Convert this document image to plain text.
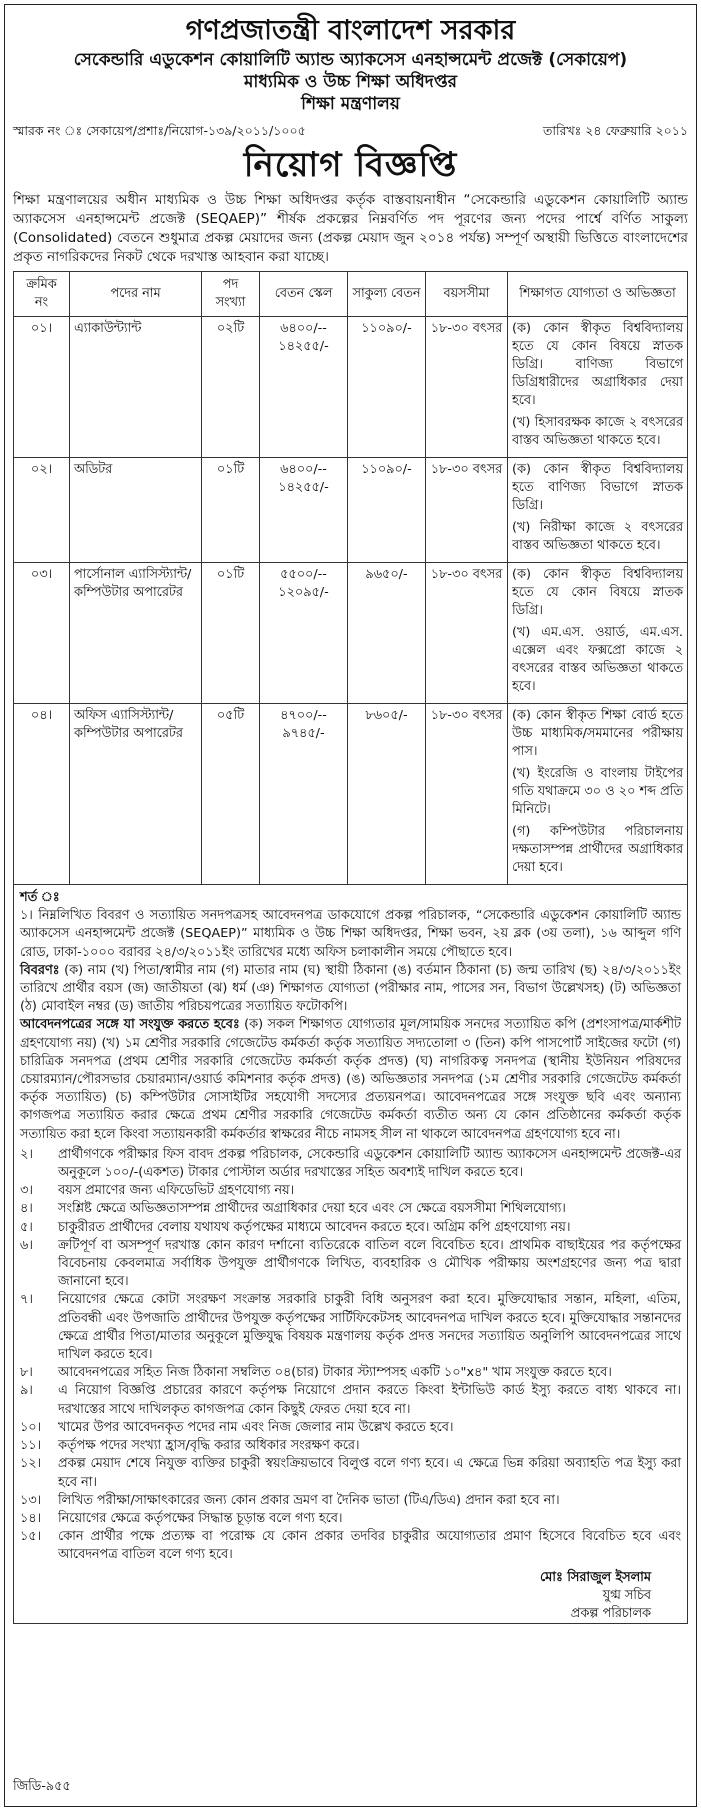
গণপ্রজাতন্ত্রী বাংলাদেশ সরকার
সেকেন্ডারি এডুকেশন কোয়ালিটি অ্যান্ড অ্যাকসেস এনহান্সমেন্ট প্রজেক্ট (সেকায়েপ)
মাধ্যমিক ও উচ্চ শিক্ষা অধিদপ্তর
শিক্ষা মন্ত্রণালয়
স্মারক নং ঃ সেকায়েপ/প্রশাঃ/নিয়োগ-১৩৯/২০১১/১০০৫	তারিখঃ ২৪ ফেব্রুয়ারি ২০১১
নিয়োগ বিজ্ঞপ্তি
শিক্ষা মন্ত্রণালয়ের অধীন মাধ্যমিক ও উচ্চ শিক্ষা অধিদপ্তর কর্তৃক বাস্তবায়নাধীন “সেকেন্ডারি এডুকেশন কোয়ালিটি অ্যান্ড অ্যাকসেস এনহান্সমেন্ট প্রজেক্ট (SEQAEP)” শীর্ষক প্রকল্পের নিম্নবর্ণিত পদ পূরণের জন্য পদের পার্শ্বে বর্ণিত সাকুল্য (Consolidated) বেতনে শুধুমাত্র প্রকল্প মেয়াদের জন্য (প্রকল্প মেয়াদ জুন ২০১৪ পর্যন্ত) সম্পূর্ণ অস্থায়ী ভিত্তিতে বাংলাদেশের প্রকৃত নাগরিকদের নিকট থেকে দরখাস্ত আহবান করা যাচ্ছে।
ক্রমিক নং	পদের নাম	পদ সংখ্যা	বেতন স্কেল	সাকুল্য বেতন	বয়সসীমা	শিক্ষাগত যোগ্যতা ও অভিজ্ঞতা
০১।	এ্যাকাউন্ট্যান্ট	০২টি	৬৪০০/-- ১৪২৫৫/-	১১০৯০/-	১৮-৩০ বৎসর	(ক) কোন স্বীকৃত বিশ্ববিদ্যালয় হতে যে কোন বিষয়ে স্নাতক ডিগ্রি। বাণিজ্য বিভাগে ডিগ্রিধারীদের অগ্রাধিকার দেয়া হবে।

(খ) হিসাবরক্ষক কাজে ২ বৎসরের বাস্তব অভিজ্ঞতা থাকতে হবে।

০২।	অডিটর	০১টি	৬৪০০/-- ১৪২৫৫/-	১১০৯০/-	১৮-৩০ বৎসর	(ক) কোন স্বীকৃত বিশ্ববিদ্যালয় হতে বাণিজ্য বিভাগে স্নাতক ডিগ্রি।

(খ) নিরীক্ষা কাজে ২ বৎসরের বাস্তব অভিজ্ঞতা থাকতে হবে।

০৩।	পার্সোনাল এ্যাসিস্ট্যান্ট/ কম্পিউটার অপারেটর	০১টি	৫৫০০/-- ১২০৯৫/-	৯৬৫০/-	১৮-৩০ বৎসর	(ক) কোন স্বীকৃত বিশ্ববিদ্যালয় হতে যে কোন বিষয়ে স্নাতক ডিগ্রি।

(খ) এম.এস. ওয়ার্ড, এম.এস. এক্সেল এবং ফক্সপ্রো কাজে ২ বৎসরের বাস্তব অভিজ্ঞতা থাকতে হবে।

০৪।	অফিস এ্যাসিস্ট্যান্ট/ কম্পিউটার অপারেটর	০৫টি	৪৭০০/-- ৯৭৪৫/-	৮৬০৫/-	১৮-৩০ বৎসর	(ক) কোন স্বীকৃত শিক্ষা বোর্ড হতে উচ্চ মাধ্যমিক/সমমানের পরীক্ষায় পাস।

(খ) ইংরেজি ও বাংলায় টাইপের গতি যথাক্রমে ৩০ ও ২০ শব্দ প্রতি মিনিটে।

(গ) কম্পিউটার পরিচালনায় দক্ষতাসম্পন্ন প্রার্থীদের অগ্রাধিকার দেয়া হবে।

শর্ত ঃ

১। নিম্নলিখিত বিবরণ ও সত্যায়িত সনদপত্রসহ আবেদনপত্র ডাকযোগে প্রকল্প পরিচালক, “সেকেন্ডারি এডুকেশন কোয়ালিটি অ্যান্ড অ্যাকসেস এনহান্সমেন্ট প্রজেক্ট (SEQAEP)” মাধ্যমিক ও উচ্চ শিক্ষা অধিদপ্তর, শিক্ষা ভবন, ২য় ব্লক (৩য় তলা), ১৬ আব্দুল গণি রোড, ঢাকা-১০০০ বরাবর ২৪/৩/২০১১ইং তারিখের মধ্যে অফিস চলাকালীন সময়ে পৌছাতে হবে।

বিবরণঃ (ক) নাম (খ) পিতা/স্বামীর নাম (গ) মাতার নাম (ঘ) স্থায়ী ঠিকানা (ঙ) বর্তমান ঠিকানা (চ) জন্ম তারিখ (ছ) ২৪/৩/২০১১ইং তারিখে প্রার্থীর বয়স (জ) জাতীয়তা (ঝ) ধর্ম (ঞ) শিক্ষাগত যোগ্যতা (পরীক্ষার নাম, পাসের সন, বিভাগ উল্লেখসহ) (ট) অভিজ্ঞতা (ঠ) মোবাইল নম্বর (ড) জাতীয় পরিচয়পত্রের সত্যায়িত ফটোকপি।

আবেদনপত্রের সঙ্গে যা সংযুক্ত করতে হবেঃ (ক) সকল শিক্ষাগত যোগ্যতার মূল/সাময়িক সনদের সত্যায়িত কপি (প্রশংসাপত্র/মার্কশীট গ্রহণযোগ্য নয়) (খ) ১ম শ্রেণীর সরকারি গেজেটেড কর্মকর্তা কর্তৃক সত্যায়িত সদ্যতোলা ৩ (তিন) কপি পাসপোর্ট সাইজের ফটো (গ) চারিত্রিক সনদপত্র (প্রথম শ্রেণীর সরকারি গেজেটেড কর্মকর্তা কর্তৃক প্রদত্ত) (ঘ) নাগরিকত্ব সনদপত্র (স্থানীয় ইউনিয়ন পরিষদের চেয়ারম্যান/পৌরসভার চেয়ারম্যান/ওয়ার্ড কমিশনার কর্তৃক প্রদত্ত) (ঙ) অভিজ্ঞতার সনদপত্র (১ম শ্রেণীর সরকারি গেজেটেড কর্মকর্তা কর্তৃক সত্যায়িত) (চ) কম্পিউটার সোসাইটির সহযোগী সদস্যের প্রত্যয়নপত্র। আবেদনপত্রের সঙ্গে সংযুক্ত ছবি এবং অন্যান্য কাগজপত্র সত্যায়িত করার ক্ষেত্রে প্রথম শ্রেণীর সরকারি গেজেটেড কর্মকর্তা ব্যতীত অন্য যে কোন প্রতিষ্ঠানের কর্মকর্তা কর্তৃক সত্যায়িত করা হলে কিংবা সত্যায়নকারী কর্মকর্তার স্বাক্ষরের নীচে নামসহ সীল না থাকলে আবেদনপত্র গ্রহণযোগ্য হবে না।

২।	প্রার্থীগণকে পরীক্ষার ফিস বাবদ প্রকল্প পরিচালক, সেকেন্ডারি এডুকেশন কোয়ালিটি অ্যান্ড অ্যাকসেস এনহান্সমেন্ট প্রজেক্ট-এর অনুকূলে ১০০/-(একশত) টাকার পোস্টাল অর্ডার দরখাস্তের সহিত অবশ্যই দাখিল করতে হবে।
৩।	বয়স প্রমাণের জন্য এফিডেভিট গ্রহণযোগ্য নয়।
৪।	সংশ্লিষ্ট ক্ষেত্রে অভিজ্ঞতাসম্পন্ন প্রার্থীদের অগ্রাধিকার দেয়া হবে এবং সে ক্ষেত্রে বয়সসীমা শিথিলযোগ্য।
৫।	চাকুরীরত প্রার্থীদের বেলায় যথাযথ কর্তৃপক্ষের মাধ্যমে আবেদন করতে হবে। অগ্রিম কপি গ্রহণযোগ্য নয়।
৬।	ক্রটিপূর্ণ বা অসম্পূর্ণ দরখাস্ত কোন কারণ দর্শানো ব্যতিরেকে বাতিল বলে বিবেচিত হবে। প্রাথমিক বাছাইয়ের পর কর্তৃপক্ষের বিবেচনায় কেবলমাত্র সর্বাধিক উপযুক্ত প্রার্থীগণকে লিখিত, ব্যবহারিক ও মৌখিক পরীক্ষায় অংশগ্রহণের জন্য পত্র দ্বারা জানানো হবে।
৭।	নিয়োগের ক্ষেত্রে কোটা সংরক্ষণ সংক্রান্ত সরকারি চাকুরী বিধি অনুসরণ করা হবে। মুক্তিযোদ্ধার সন্তান, মহিলা, এতিম, প্রতিবন্ধী এবং উপজাতি প্রার্থীদের উপযুক্ত কর্তৃপক্ষের সার্টিফিকেটসহ আবেদনপত্র দাখিল করতে হবে। মুক্তিযোদ্ধার সন্তানদের ক্ষেত্রে প্রার্থীর পিতা/মাতার অনুকূলে মুক্তিযুদ্ধ বিষয়ক মন্ত্রণালয় কর্তৃক প্রদত্ত সনদের সত্যায়িত অনুলিপি আবেদনপত্রের সাথে দাখিল করতে হবে।
৮।	আবেদনপত্রের সহিত নিজ ঠিকানা সম্বলিত ০৪(চার) টাকার স্ট্যাম্পসহ একটি ১০"x৪" খাম সংযুক্ত করতে হবে।
৯।	এ নিয়োগ বিজ্ঞপ্তি প্রচারের কারণে কর্তৃপক্ষ নিয়োগে প্রদান করতে কিংবা ইন্টাভিউ কার্ড ইস্যু করতে বাধ্য থাকবে না। দরখাস্তের সাথে দাখিলকৃত কাগজপত্র কোন কিছুই ফেরত দেয়া হবে না।
১০।	খামের উপর আবেদনকৃত পদের নাম এবং নিজ জেলার নাম উল্লেখ করতে হবে।
১১।	কর্তৃপক্ষ পদের সংখ্যা হ্রাস/বৃদ্ধি করার অধিকার সংরক্ষণ করে।
১২।	প্রকল্প মেয়াদ শেষে নিযুক্ত ব্যক্তির চাকুরী স্বয়ংক্রিয়ভাবে বিলুপ্ত বলে গণ্য হবে। এ ক্ষেত্রে ভিন্ন করিয়া অব্যাহতি পত্র ইস্যু করা হবে না।
১৩।	লিখিত পরীক্ষা/সাক্ষাৎকারের জন্য কোন প্রকার ভ্রমণ বা দৈনিক ভাতা (টিএ/ডিএ) প্রদান করা হবে না।
১৪।	নিয়োগের ক্ষেত্রে কর্তৃপক্ষের সিদ্ধান্ত চূড়ান্ত বলে গণ্য হবে।
১৫।	কোন প্রার্থীর পক্ষে প্রত্যক্ষ বা পরোক্ষ যে কোন প্রকার তদবির চাকুরীর অযোগ্যতার প্রমাণ হিসেবে বিবেচিত হবে এবং আবেদনপত্র বাতিল বলে গণ্য হবে।
মোঃ সিরাজুল ইসলাম
যুগ্ম সচিব
প্রকল্প পরিচালক
জিডি-৯৫৫
